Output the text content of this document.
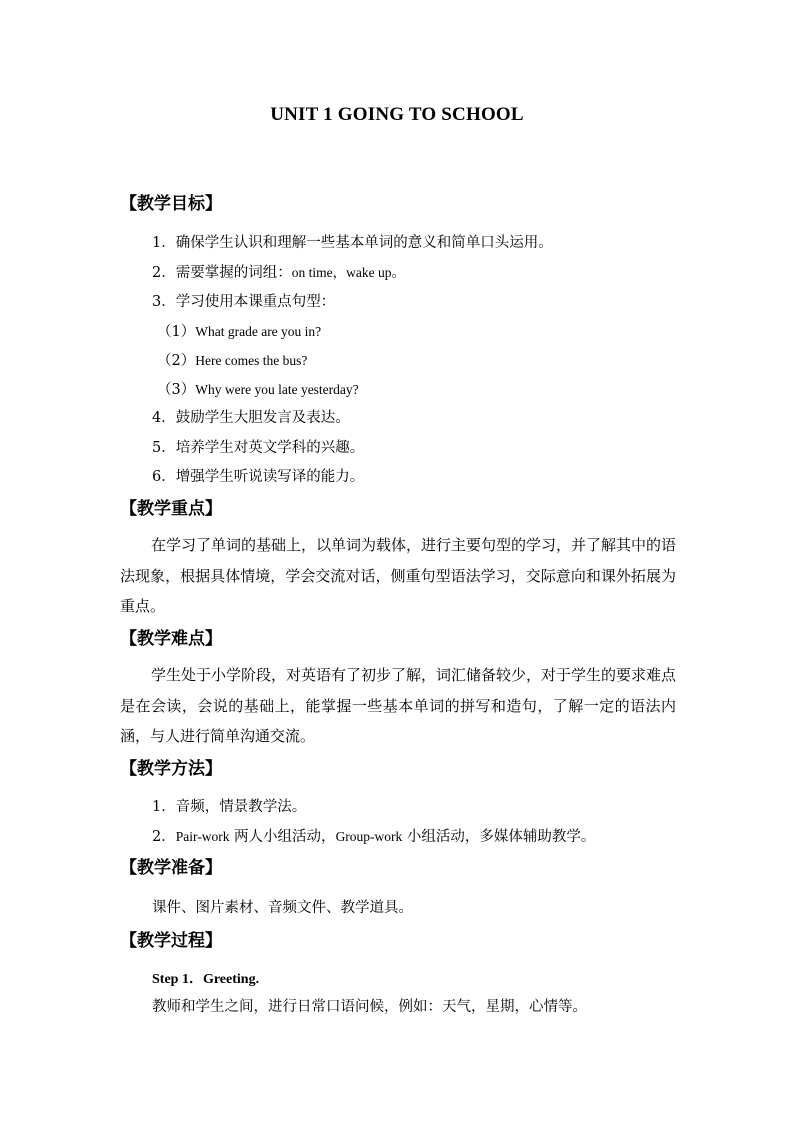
UNIT 1 GOING TO SCHOOL
【教学目标】
1．确保学生认识和理解一些基本单词的意义和简单口头运用。
2．需要掌握的词组：on time，wake up。
3．学习使用本课重点句型：
（1）What grade are you in?
（2）Here comes the bus?
（3）Why were you late yesterday?
4．鼓励学生大胆发言及表达。
5．培养学生对英文学科的兴趣。
6．增强学生听说读写译的能力。
【教学重点】
在学习了单词的基础上，以单词为载体，进行主要句型的学习，并了解其中的语法现象，根据具体情境，学会交流对话，侧重句型语法学习，交际意向和课外拓展为重点。
【教学难点】
学生处于小学阶段，对英语有了初步了解，词汇储备较少，对于学生的要求难点是在会读，会说的基础上，能掌握一些基本单词的拼写和造句，了解一定的语法内涵，与人进行简单沟通交流。
【教学方法】
1．音频，情景教学法。
2．Pair-work 两人小组活动，Group-work 小组活动，多媒体辅助教学。
【教学准备】
课件、图片素材、音频文件、教学道具。
【教学过程】
Step 1．Greeting.
教师和学生之间，进行日常口语问候，例如：天气，星期，心情等。
